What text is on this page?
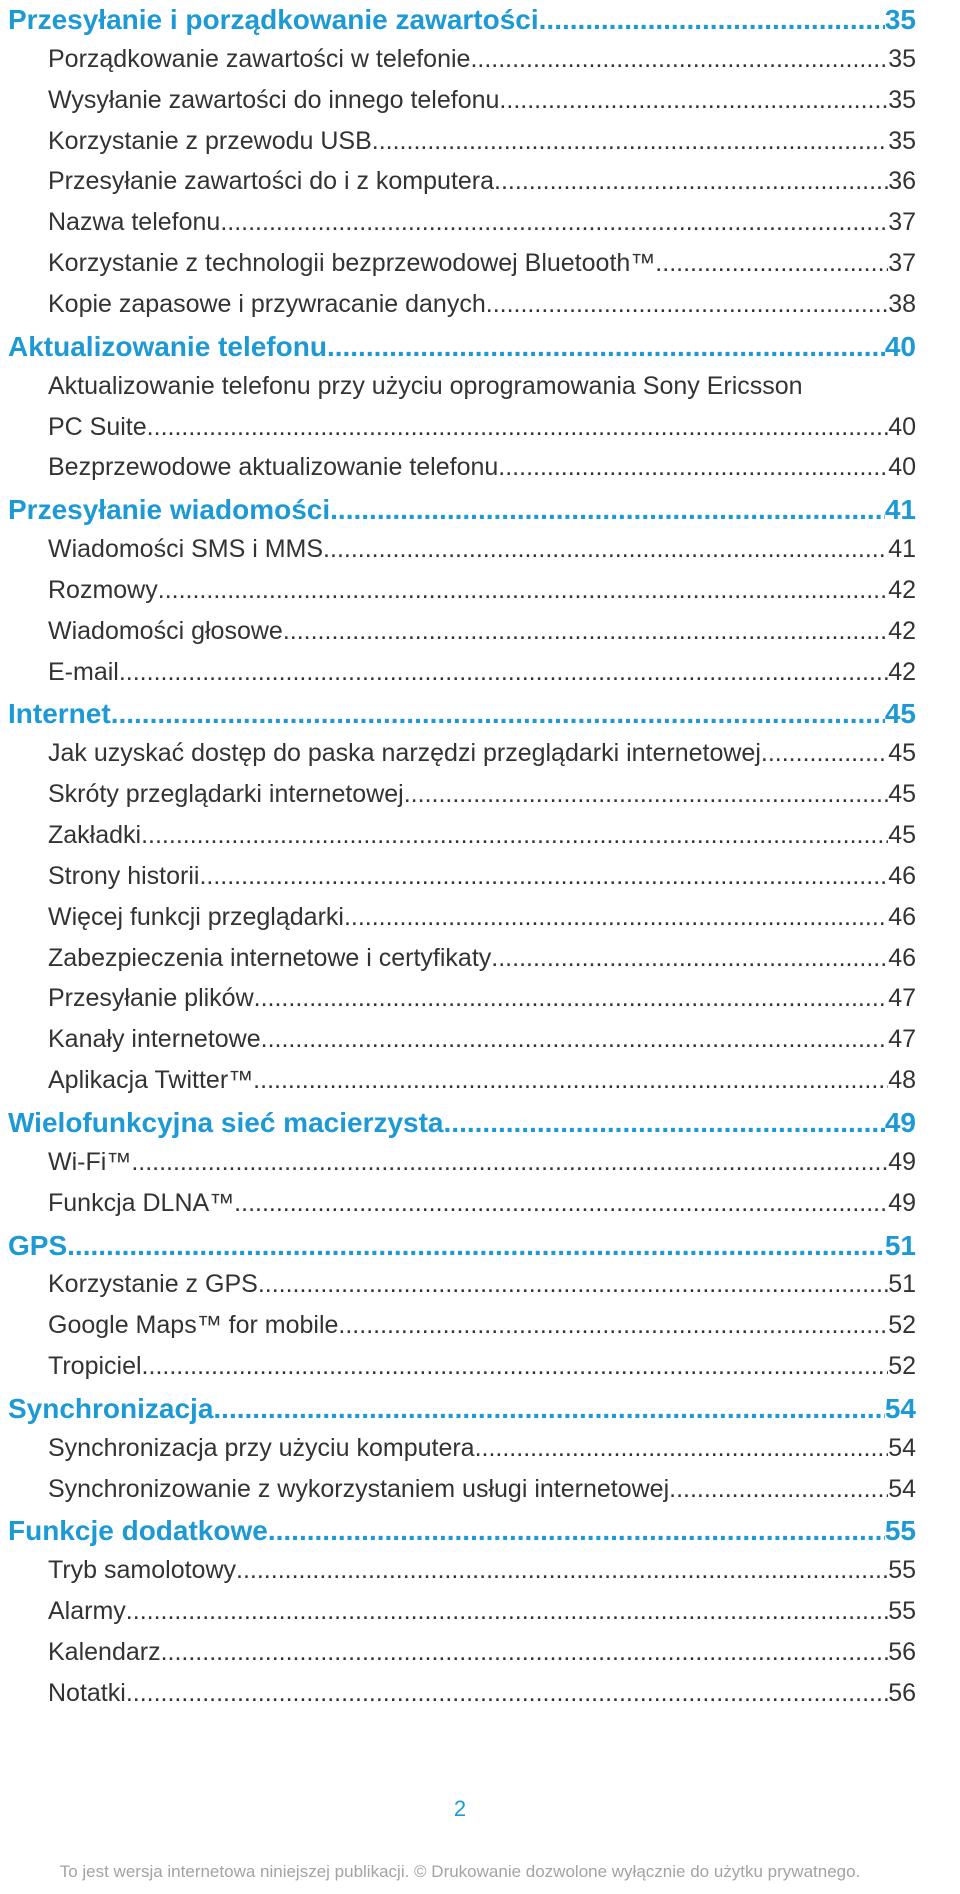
Przesyłanie i porządkowanie zawartości .....	35
Porządkowanie zawartości w telefonie .....	35
Wysyłanie zawartości do innego telefonu .....	35
Korzystanie z przewodu USB .....	35
Przesyłanie zawartości do i z komputera .....	36
Nazwa telefonu .....	37
Korzystanie z technologii bezprzewodowej Bluetooth™ .....	37
Kopie zapasowe i przywracanie danych .....	38
Aktualizowanie telefonu .....	40
Aktualizowanie telefonu przy użyciu oprogramowania Sony Ericsson
PC Suite .....	40
Bezprzewodowe aktualizowanie telefonu .....	40
Przesyłanie wiadomości .....	41
Wiadomości SMS i MMS .....	41
Rozmowy .....	42
Wiadomości głosowe .....	42
E-mail .....	42
Internet .....	45
Jak uzyskać dostęp do paska narzędzi przeglądarki internetowej .....	45
Skróty przeglądarki internetowej .....	45
Zakładki .....	45
Strony historii .....	46
Więcej funkcji przeglądarki .....	46
Zabezpieczenia internetowe i certyfikaty .....	46
Przesyłanie plików .....	47
Kanały internetowe .....	47
Aplikacja Twitter™ .....	48
Wielofunkcyjna sieć macierzysta .....	49
Wi-Fi™ .....	49
Funkcja DLNA™ .....	49
GPS .....	51
Korzystanie z GPS .....	51
Google Maps™ for mobile .....	52
Tropiciel .....	52
Synchronizacja .....	54
Synchronizacja przy użyciu komputera .....	54
Synchronizowanie z wykorzystaniem usługi internetowej .....	54
Funkcje dodatkowe .....	55
Tryb samolotowy .....	55
Alarmy .....	55
Kalendarz .....	56
Notatki .....	56
2
To jest wersja internetowa niniejszej publikacji. © Drukowanie dozwolone wyłącznie do użytku prywatnego.
